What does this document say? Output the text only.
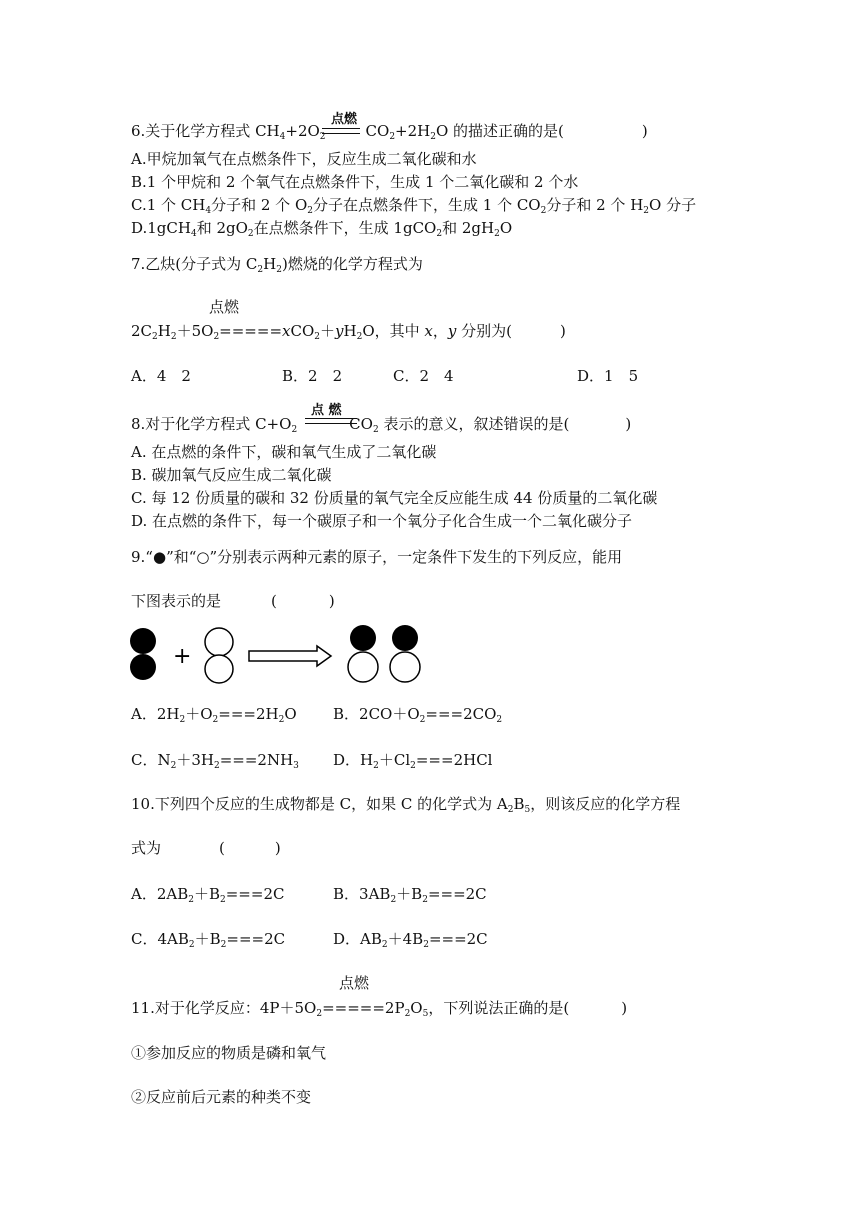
点燃
6.关于化学方程式 $CH_4+2O_2$	$CO_2+2H_2O$ 的描述正确的是(	)
A.甲烷加氧气在点燃条件下，反应生成二氧化碳和水
B.1 个甲烷和 2 个氧气在点燃条件下，生成 1 个二氧化碳和 2 个水
C.1 个 $CH_4$分子和 2 个 $O_2$分子在点燃条件下，生成 1 个 $CO_2$分子和 2 个 $H_2O$ 分子
D.1gCH$_4$和 $2gO_2$在点燃条件下，生成 1gCO$_2$和 $2gH_2O$
7.乙炔(分子式为 $C_2H_2$)燃烧的化学方程式为
点燃
$2C_2H_2+5O_2=====xCO_2+yH_2O$，其中 x，y 分别为(	)
A．4　2	B．2　2	C．2　4	D．1　5
点 燃
8.对于化学方程式 $C+O_2$	$CO_2$ 表示的意义，叙述错误的是(	)
A. 在点燃的条件下，碳和氧气生成了二氧化碳
B. 碳加氧气反应生成二氧化碳
C. 每 12 份质量的碳和 32 份质量的氧气完全反应能生成 44 份质量的二氧化碳
D. 在点燃的条件下，每一个碳原子和一个氧分子化合生成一个二氧化碳分子
9.“●”和“○”分别表示两种元素的原子，一定条件下发生的下列反应，能用
下图表示的是	(	)
+
A．$2H_2+O_2===2H_2O$ B．$2CO+O_2===2CO_2$
C．$N_2+3H_2===2NH_3$ D．$H_2+Cl_2===2HCl$
10.下列四个反应的生成物都是 C，如果 C 的化学式为 $A_2B_5$，则该反应的化学方程
式为	(	)
A．$2AB_2+B_2===2C$	B．$3AB_2+B_2===2C$
C．$4AB_2+B_2===2C$	D．$AB_2+4B_2===2C$
点燃
11.对于化学反应：$4P+5O_2=====2P_2O_5$，下列说法正确的是(	)
①参加反应的物质是磷和氧气
②反应前后元素的种类不变
